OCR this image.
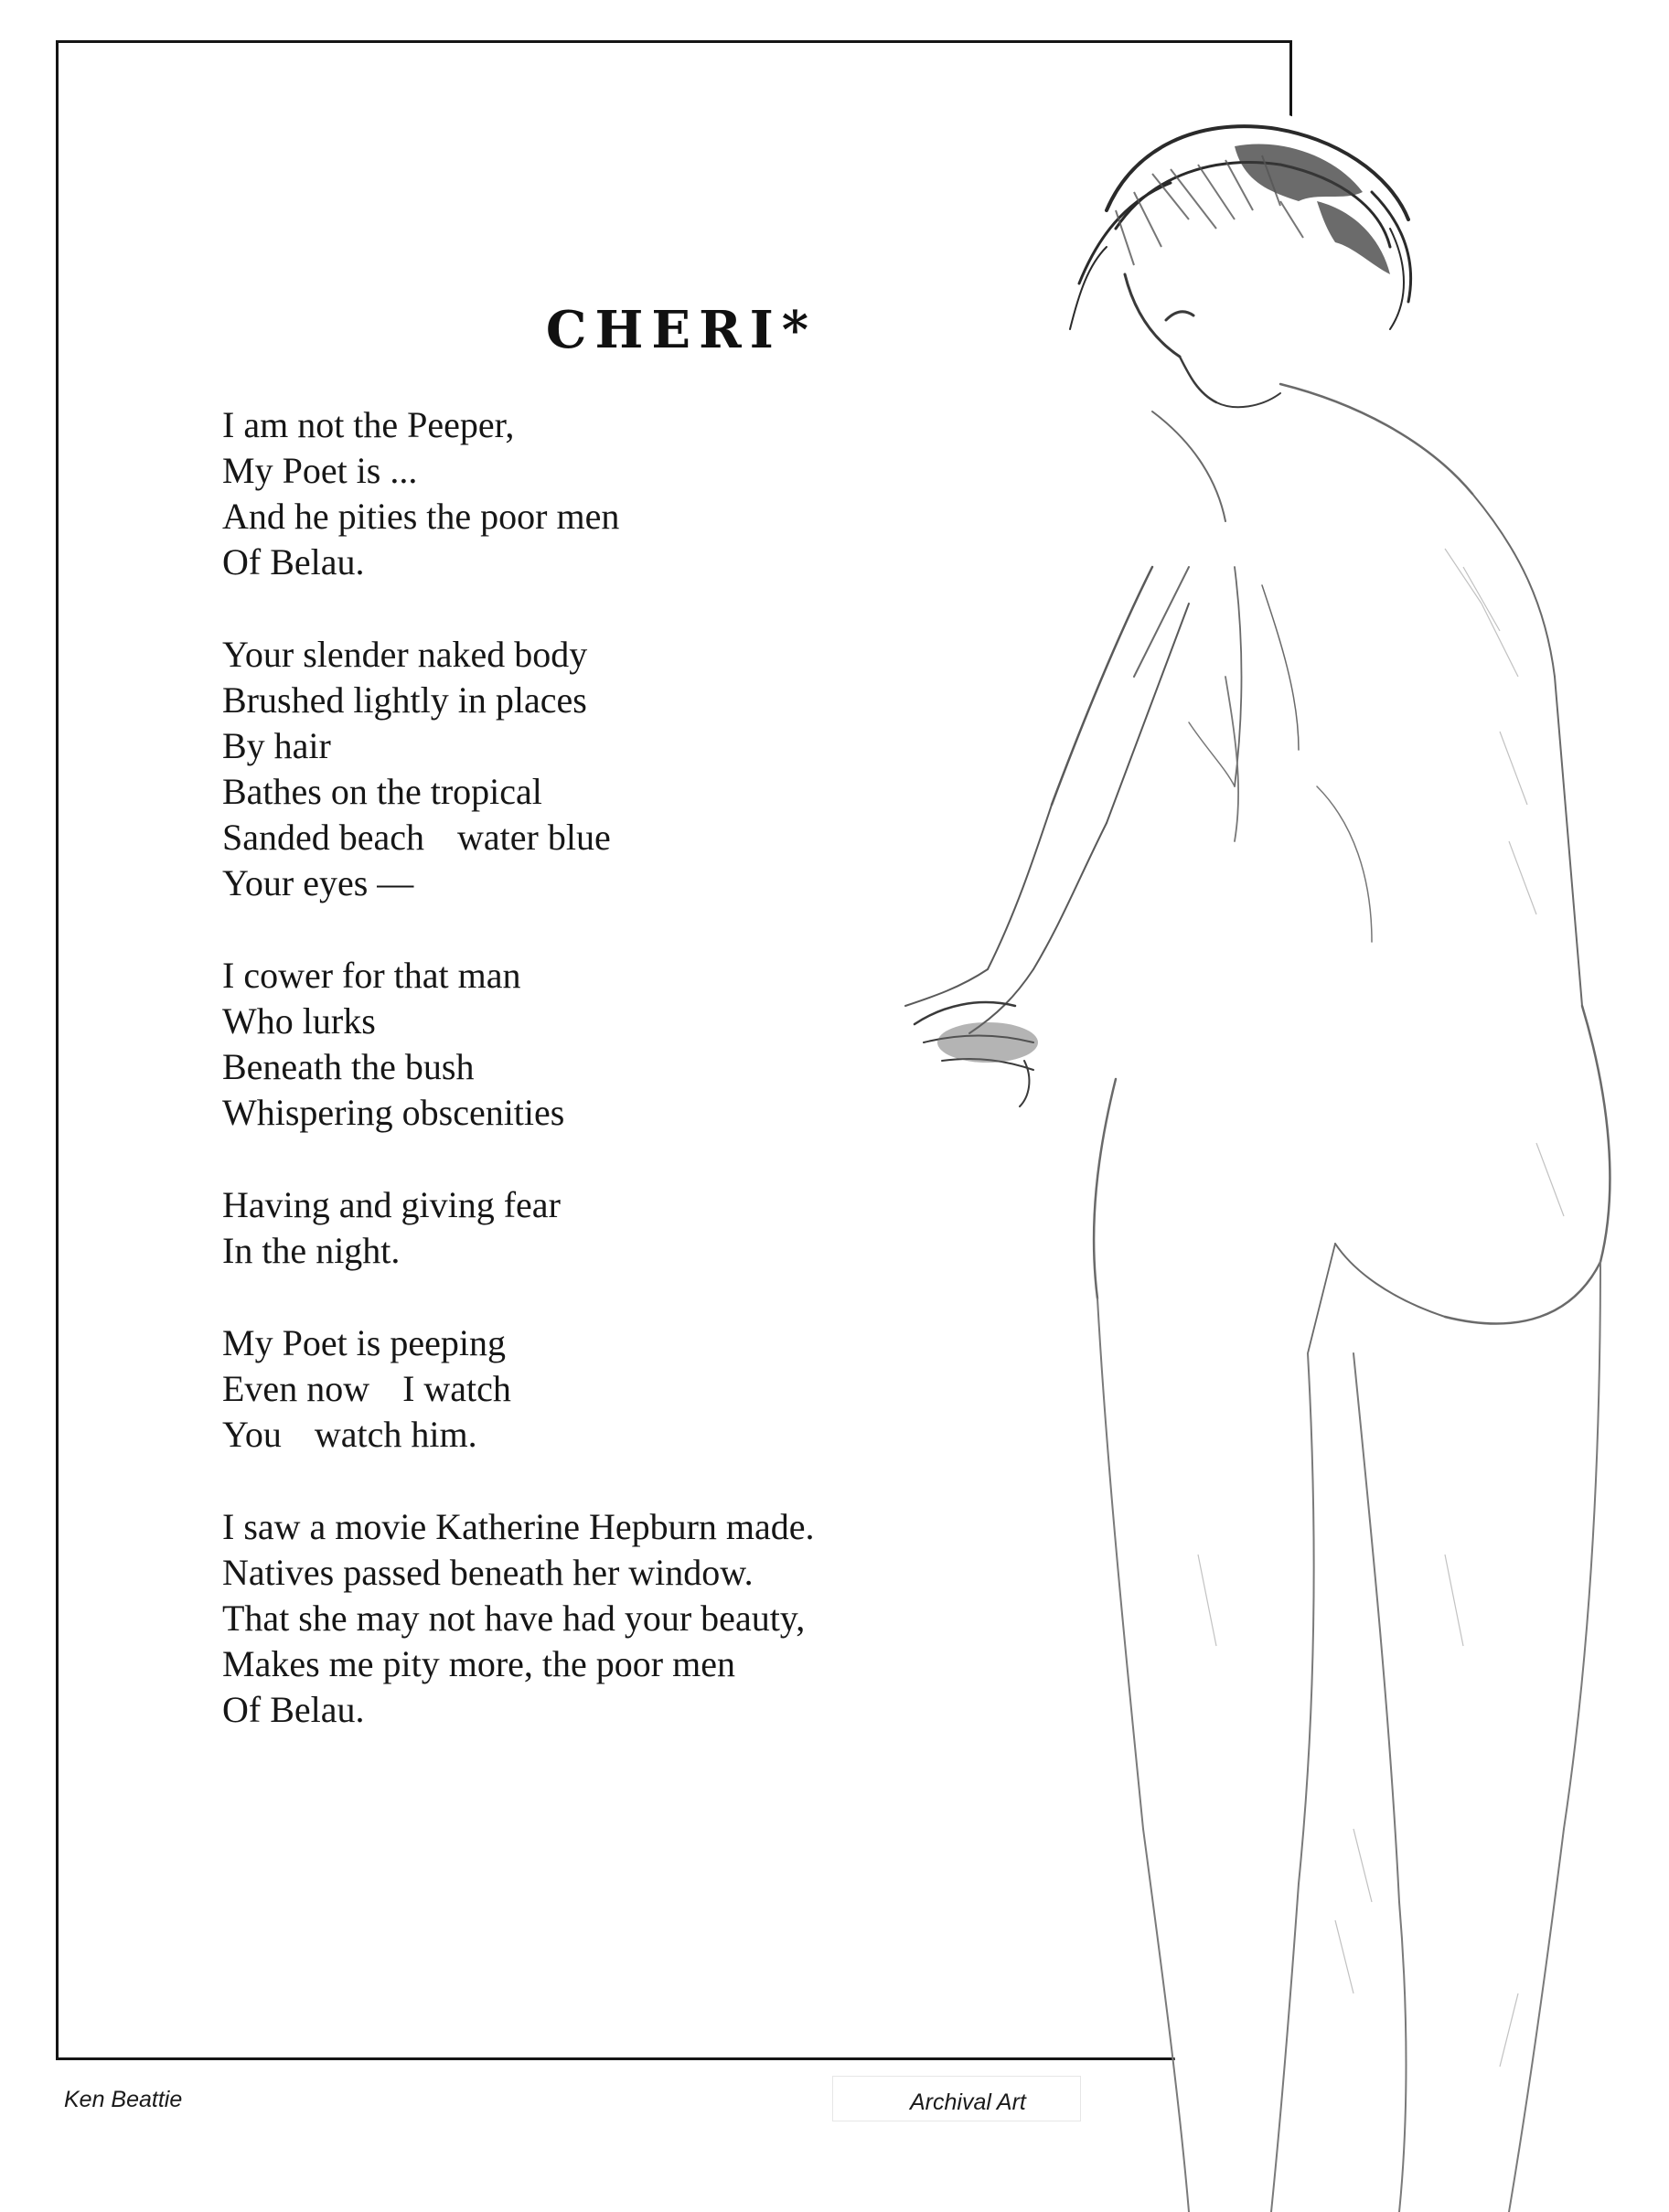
CHERI*
I am not the Peeper,
My Poet is ...
And he pities the poor men
Of Belau.
Your slender naked body
Brushed lightly in places
By hair
Bathes on the tropical
Sanded beach water blue
Your eyes —
I cower for that man
Who lurks
Beneath the bush
Whispering obscenities
Having and giving fear
In the night.
My Poet is peeping
Even now I watch
You watch him.
I saw a movie Katherine Hepburn made.
Natives passed beneath her window.
That she may not have had your beauty,
Makes me pity more, the poor men
Of Belau.
Ken Beattie	Archival Art
